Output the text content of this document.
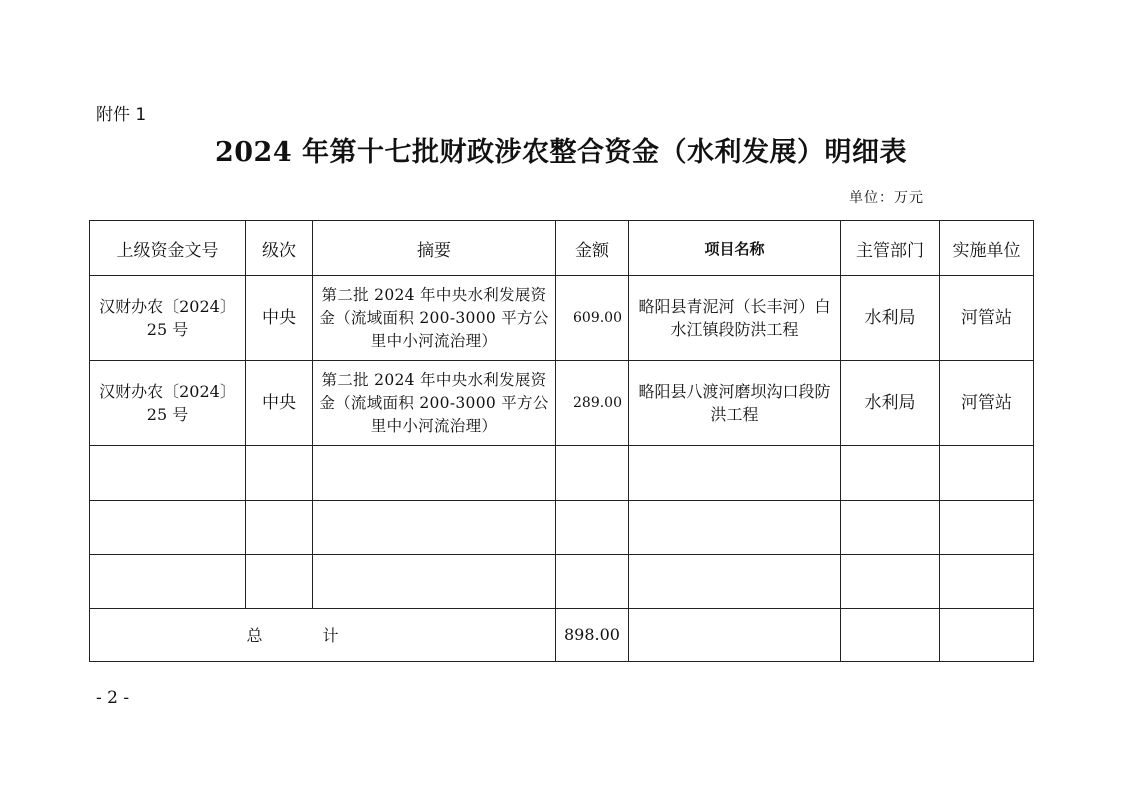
附件 1
2024 年第十七批财政涉农整合资金（水利发展）明细表
单位：万元
上级资金文号	级次	摘要	金额	项目名称	主管部门	实施单位
汉财办农〔2024〕25 号	中央	第二批 2024 年中央水利发展资金（流域面积 200-3000 平方公里中小河流治理）	609.00	略阳县青泥河（长丰河）白水江镇段防洪工程	水利局	河管站
汉财办农〔2024〕25 号	中央	第二批 2024 年中央水利发展资金（流域面积 200-3000 平方公里中小河流治理）	289.00	略阳县八渡河磨坝沟口段防洪工程	水利局	河管站

总计			898.00			
- 2 -
